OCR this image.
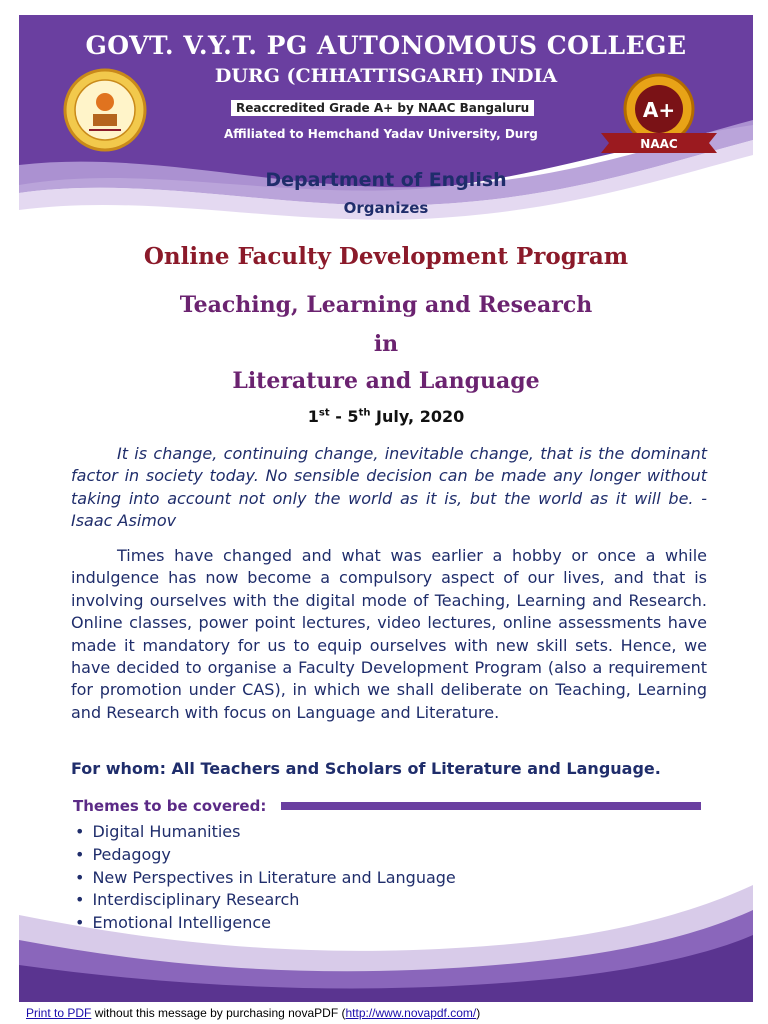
GOVT. V.Y.T. PG AUTONOMOUS COLLEGE
DURG (CHHATTISGARH) INDIA
Reaccredited Grade A+ by NAAC Bangaluru
Affiliated to Hemchand Yadav University, Durg
A+
NAAC
Department of English
Organizes
Online Faculty Development Program
Teaching, Learning and Research
in
Literature and Language
1st - 5th July, 2020
It is change, continuing change, inevitable change, that is the dominant factor in society today. No sensible decision can be made any longer without taking into account not only the world as it is, but the world as it will be. - Isaac Asimov
Times have changed and what was earlier a hobby or once a while indulgence has now become a compulsory aspect of our lives, and that is involving ourselves with the digital mode of Teaching, Learning and Research. Online classes, power point lectures, video lectures, online assessments have made it mandatory for us to equip ourselves with new skill sets. Hence, we have decided to organise a Faculty Development Program (also a requirement for promotion under CAS), in which we shall deliberate on Teaching, Learning and Research with focus on Language and Literature.
For whom: All Teachers and Scholars of Literature and Language.
Themes to be covered:
• Digital Humanities
• Pedagogy
• New Perspectives in Literature and Language
• Interdisciplinary Research
• Emotional Intelligence
Print to PDF without this message by purchasing novaPDF (http://www.novapdf.com/)
